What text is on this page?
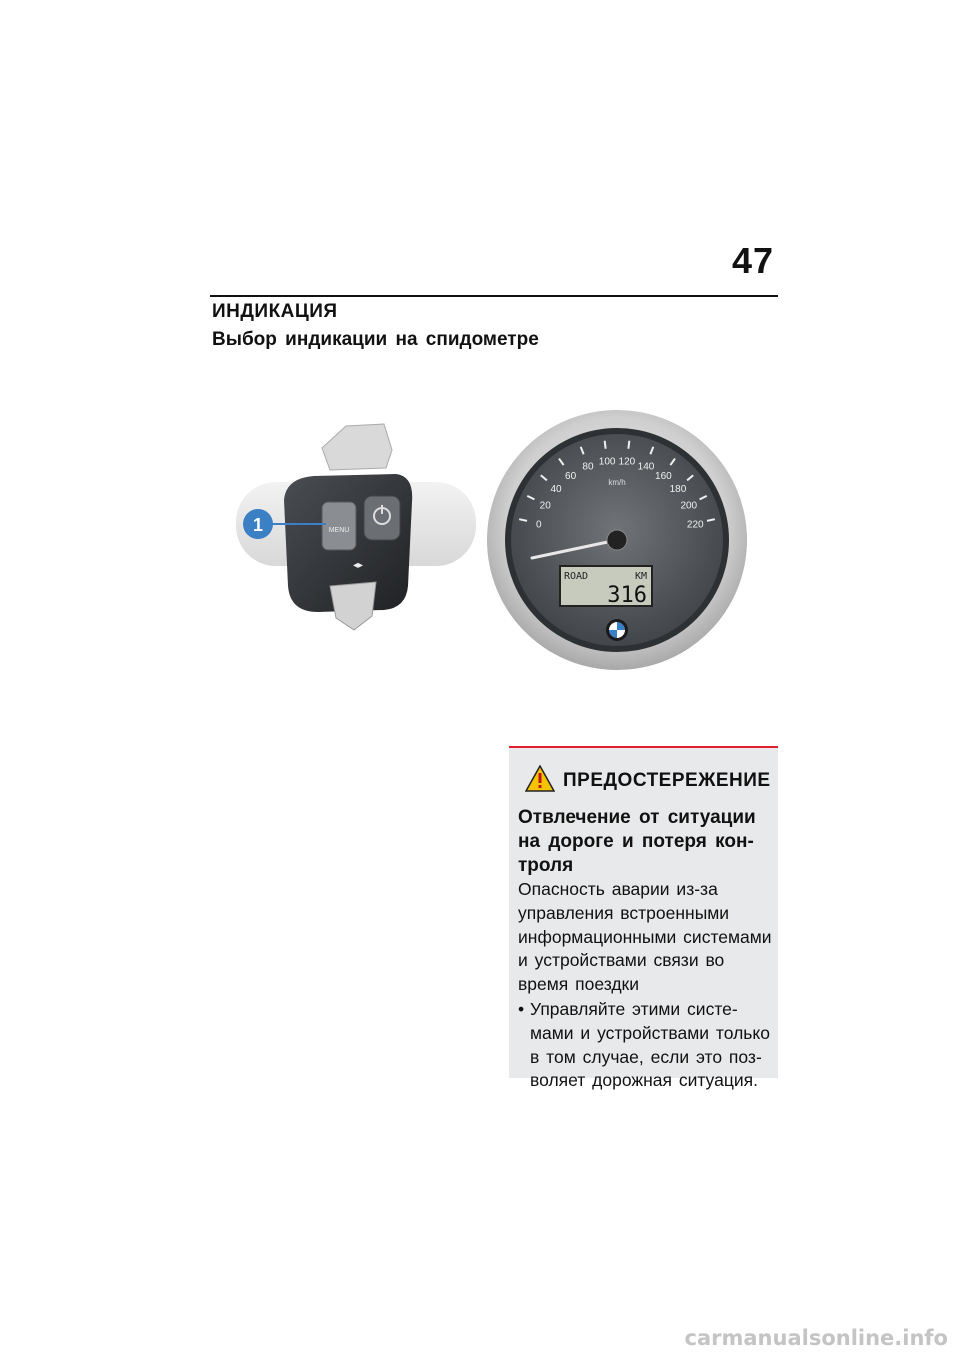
47
ИНДИКАЦИЯ
Выбор индикации на спидометре
MENU
◂▸
1	0
20
40
60
80 100 120 140
160
180
200
220
km/h
ROAD	KM
316
ПРЕДОСТЕРЕЖЕНИЕ
Отвлечение от ситуации
на дороге и потеря кон-
троля
Опасность аварии из-за
управления встроенными
информационными системами
и устройствами связи во
время поездки
• Управляйте этими систе-
мами и устройствами только
в том случае, если это поз-
воляет дорожная ситуация.
carmanualsonline.info
